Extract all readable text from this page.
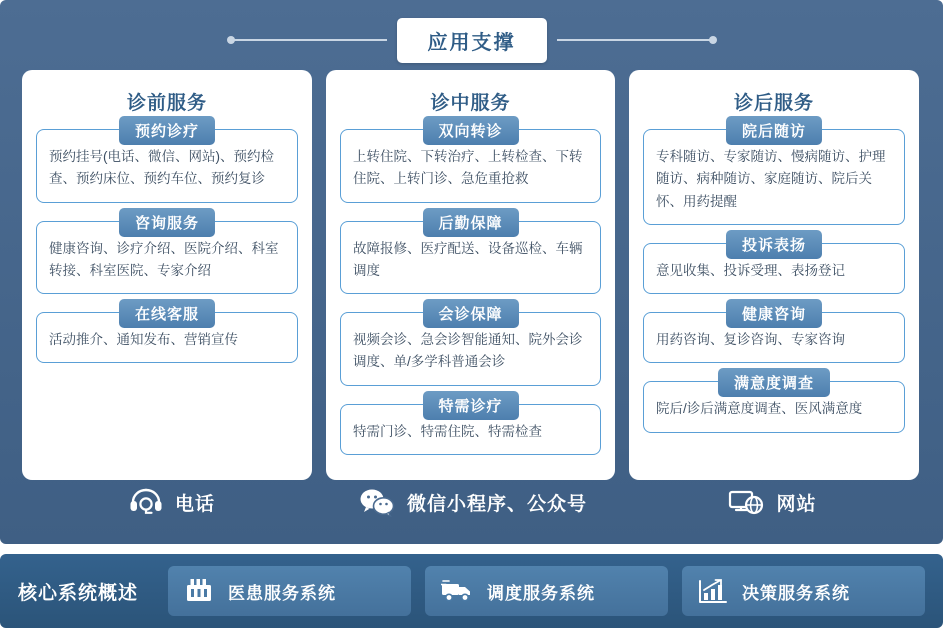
应用支撑
诊前服务
预约诊疗
预约挂号(电话、微信、网站)、预约检查、预约床位、预约车位、预约复诊
咨询服务
健康咨询、诊疗介绍、医院介绍、科室转接、科室医院、专家介绍
在线客服
活动推介、通知发布、营销宣传
诊中服务
双向转诊
上转住院、下转治疗、上转检查、下转住院、上转门诊、急危重抢救
后勤保障
故障报修、医疗配送、设备巡检、车辆调度
会诊保障
视频会诊、急会诊智能通知、院外会诊调度、单/多学科普通会诊
特需诊疗
特需门诊、特需住院、特需检查
诊后服务
院后随访
专科随访、专家随访、慢病随访、护理随访、病种随访、家庭随访、院后关怀、用药提醒
投诉表扬
意见收集、投诉受理、表扬登记
健康咨询
用药咨询、复诊咨询、专家咨询
满意度调查
院后/诊后满意度调查、医风满意度
电话	微信小程序、公众号	网站
核心系统概述	医患服务系统	调度服务系统	决策服务系统
